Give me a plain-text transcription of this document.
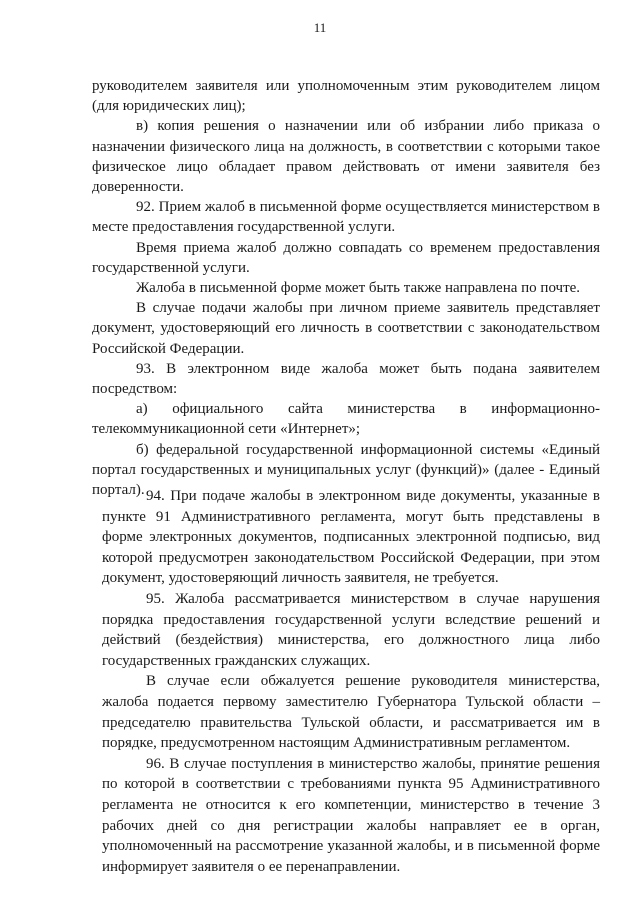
11

руководителем заявителя или уполномоченным этим руководителем лицом (для юридических лиц);

в) копия решения о назначении или об избрании либо приказа о назначении физического лица на должность, в соответствии с которыми такое физическое лицо обладает правом действовать от имени заявителя без доверенности.

92. Прием жалоб в письменной форме осуществляется министерством в месте предоставления государственной услуги.

Время приема жалоб должно совпадать со временем предоставления государственной услуги.

Жалоба в письменной форме может быть также направлена по почте.

В случае подачи жалобы при личном приеме заявитель представляет документ, удостоверяющий его личность в соответствии с законодательством Российской Федерации.

93. В электронном виде жалоба может быть подана заявителем посредством:

а) официального сайта министерства в информационно-телекоммуникационной сети «Интернет»;

б) федеральной государственной информационной системы «Единый портал государственных и муниципальных услуг (функций)» (далее - Единый портал). 94. При подаче жалобы в электронном виде документы, указанные в пункте 91 Административного регламента, могут быть представлены в форме электронных документов, подписанных электронной подписью, вид которой предусмотрен законодательством Российской Федерации, при этом документ, удостоверяющий личность заявителя, не требуется.

95. Жалоба рассматривается министерством в случае нарушения порядка предоставления государственной услуги вследствие решений и действий (бездействия) министерства, его должностного лица либо государственных гражданских служащих.

В случае если обжалуется решение руководителя министерства, жалоба подается первому заместителю Губернатора Тульской области – председателю правительства Тульской области, и рассматривается им в порядке, предусмотренном настоящим Административным регламентом.

96. В случае поступления в министерство жалобы, принятие решения по которой в соответствии с требованиями пункта 95 Административного регламента не относится к его компетенции, министерство в течение 3 рабочих дней со дня регистрации жалобы направляет ее в орган, уполномоченный на рассмотрение указанной жалобы, и в письменной форме информирует заявителя о ее перенаправлении.
